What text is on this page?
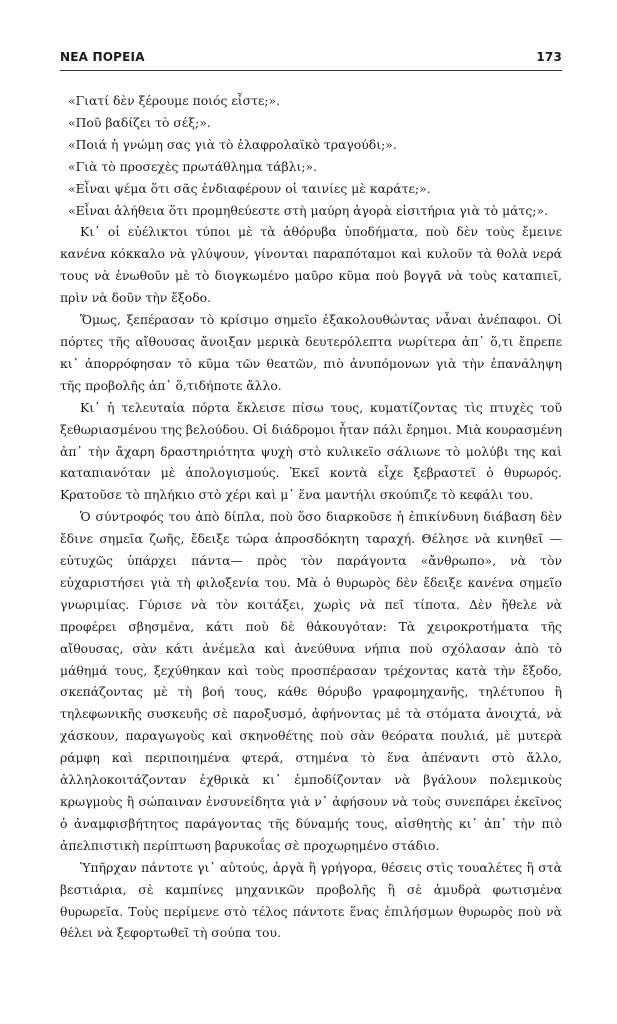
ΝΕΑ ΠΟΡΕΙΑ	173

«Γιατί δὲν ξέρουμε ποιός εἶστε;».

«Ποῦ βαδίζει τὸ σέξ;».

«Ποιά ἡ γνώμη σας γιὰ τὸ ἐλαφρολαϊκὸ τραγούδι;».

«Γιὰ τὸ προσεχὲς πρωτάθλημα τάβλι;».

«Εἶναι ψέμα ὅτι σᾶς ἐνδιαφέρουν οἱ ταινίες μὲ καράτε;».

«Εἶναι ἀλήθεια ὅτι προμηθεύεστε στὴ μαύρη ἀγορὰ εἰσιτήρια γιὰ τὸ μάτς;».

Κι᾿ οἱ εὐέλικτοι τύποι μὲ τὰ ἀθόρυβα ὑποδήματα, ποὺ δὲν τοὺς ἔμεινε κανένα κόκκαλο νὰ γλύψουν, γίνονται παραπόταμοι καὶ κυλοῦν τὰ θολὰ νερά τους νὰ ἑνωθοῦν μὲ τὸ διογκωμένο μαῦρο κῦμα ποὺ βογγᾶ νὰ τοὺς καταπιεῖ, πρὶν νὰ δοῦν τὴν ἔξοδο.

Ὅμως, ξεπέρασαν τὸ κρίσιμο σημεῖο ἐξακολουθώντας νἆναι ἀνέπαφοι. Οἱ πόρτες τῆς αἴθουσας ἄνοιξαν μερικὰ δευτερόλεπτα νωρίτερα ἀπ᾿ ὅ,τι ἔπρεπε κι᾿ ἀπορρόφησαν τὸ κῦμα τῶν θεατῶν, πιὸ ἀνυπόμονων γιὰ τὴν ἐπανάληψη τῆς προβολῆς ἀπ᾿ ὅ,τιδήποτε ἄλλο.

Κι᾿ ἡ τελευταία πόρτα ἔκλεισε πίσω τους, κυματίζοντας τὶς πτυχὲς τοῦ ξεθωριασμένου της βελούδου. Οἱ διάδρομοι ἦταν πάλι ἔρημοι. Μιὰ κουρασμένη ἀπ᾿ τὴν ἄχαρη δραστηριότητα ψυχὴ στὸ κυλικεῖο σάλιωνε τὸ μολύβι της καὶ καταπιανόταν μὲ ἀπολογισμούς. Ἐκεῖ κοντὰ εἶχε ξεβραστεῖ ὁ θυρωρός. Κρατοῦσε τὸ πηλήκιο στὸ χέρι καὶ μ᾿ ἕνα μαντήλι σκούπιζε τὸ κεφάλι του.

Ὁ σύντροφός του ἀπὸ δίπλα, ποὺ ὅσο διαρκοῦσε ἡ ἐπικίνδυνη διάβαση δὲν ἔδινε σημεῖα ζωῆς, ἔδειξε τώρα ἀπροσδόκητη ταραχή. Θέλησε νὰ κινηθεῖ —εὐτυχῶς ὑπάρχει πάντα— πρὸς τὸν παράγοντα «ἄνθρωπο», νὰ τὸν εὐχαριστήσει γιὰ τὴ φιλοξενία του. Μὰ ὁ θυρωρὸς δὲν ἔδειξε κανένα σημεῖο γνωριμίας. Γύρισε νὰ τὸν κοιτάξει, χωρὶς νὰ πεῖ τίποτα. Δὲν ἤθελε νὰ προφέρει σβησμένα, κάτι ποὺ δὲ θἀκουγόταν: Τὰ χειροκροτήματα τῆς αἴθουσας, σὰν κάτι ἀνέμελα καὶ ἀνεύθυνα νήπια ποὺ σχόλασαν ἀπὸ τὸ μάθημά τους, ξεχύθηκαν καὶ τοὺς προσπέρασαν τρέχοντας κατὰ τὴν ἔξοδο, σκεπάζοντας μὲ τὴ βοή τους, κάθε θόρυβο γραφομηχανῆς, τηλέτυπου ἢ τηλεφωνικῆς συσκευῆς σὲ παροξυσμό, ἀφήνοντας μὲ τὰ στόματα ἀνοιχτά, νὰ χάσκουν, παραγωγοὺς καὶ σκηνοθέτης ποὺ σὰν θεόρατα πουλιά, μὲ μυτερὰ ράμφη καὶ περιποιημένα φτερά, στημένα τὸ ἕνα ἀπέναντι στὸ ἄλλο, ἀλληλοκοιτάζονταν ἐχθρικὰ κι᾿ ἐμποδίζονταν νὰ βγάλουν πολεμικοὺς κρωγμοὺς ἢ σώπαιναν ἐνσυνείδητα γιὰ ν᾿ ἀφήσουν νὰ τοὺς συνεπάρει ἐκεῖνος ὁ ἀναμφισβήτητος παράγοντας τῆς δύναμής τους, αἰσθητὴς κι᾿ ἀπ᾿ τὴν πιὸ ἀπελπιστικὴ περίπτωση βαρυκοΐας σὲ προχωρημένο στάδιο.

Ὑπῆρχαν πάντοτε γι᾿ αὐτούς, ἀργὰ ἢ γρήγορα, θέσεις στὶς τουαλέτες ἢ στὰ βεστιάρια, σὲ καμπίνες μηχανικῶν προβολῆς ἢ σὲ ἀμυδρὰ φωτισμένα θυρωρεῖα. Τοὺς περίμενε στὸ τέλος πάντοτε ἕνας ἐπιλήσμων θυρωρὸς ποὺ νὰ θέλει νὰ ξεφορτωθεῖ τὴ σούπα του.
